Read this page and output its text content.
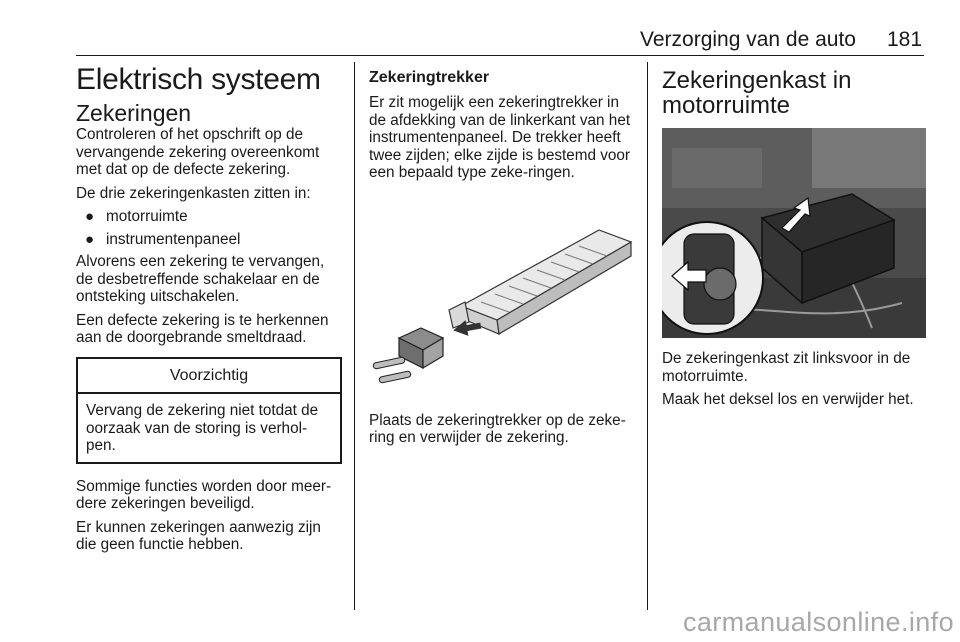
Verzorging van de auto 181
Elektrisch systeem
Zekeringen

Controleren of het opschrift op de vervangende zekering overeenkomt met dat op de defecte zekering.

De drie zekeringenkasten zitten in:

● motorruimte
● instrumentenpaneel

Alvorens een zekering te vervangen, de desbetreffende schakelaar en de ontsteking uitschakelen.

Een defecte zekering is te herkennen aan de doorgebrande smeltdraad.

Voorzichtig
Vervang de zekering niet totdat de oorzaak van de storing is verhol-pen.

Sommige functies worden door meer-dere zekeringen beveiligd.

Er kunnen zekeringen aanwezig zijn die geen functie hebben.

Zekeringtrekker

Er zit mogelijk een zekeringtrekker in de afdekking van de linkerkant van het instrumentenpaneel. De trekker heeft twee zijden; elke zijde is bestemd voor een bepaald type zeke-ringen.

Plaats de zekeringtrekker op de zeke-ring en verwijder de zekering.

Zekeringenkast in motorruimte

De zekeringenkast zit linksvoor in de motorruimte.

Maak het deksel los en verwijder het.

carmanualsonline.info
